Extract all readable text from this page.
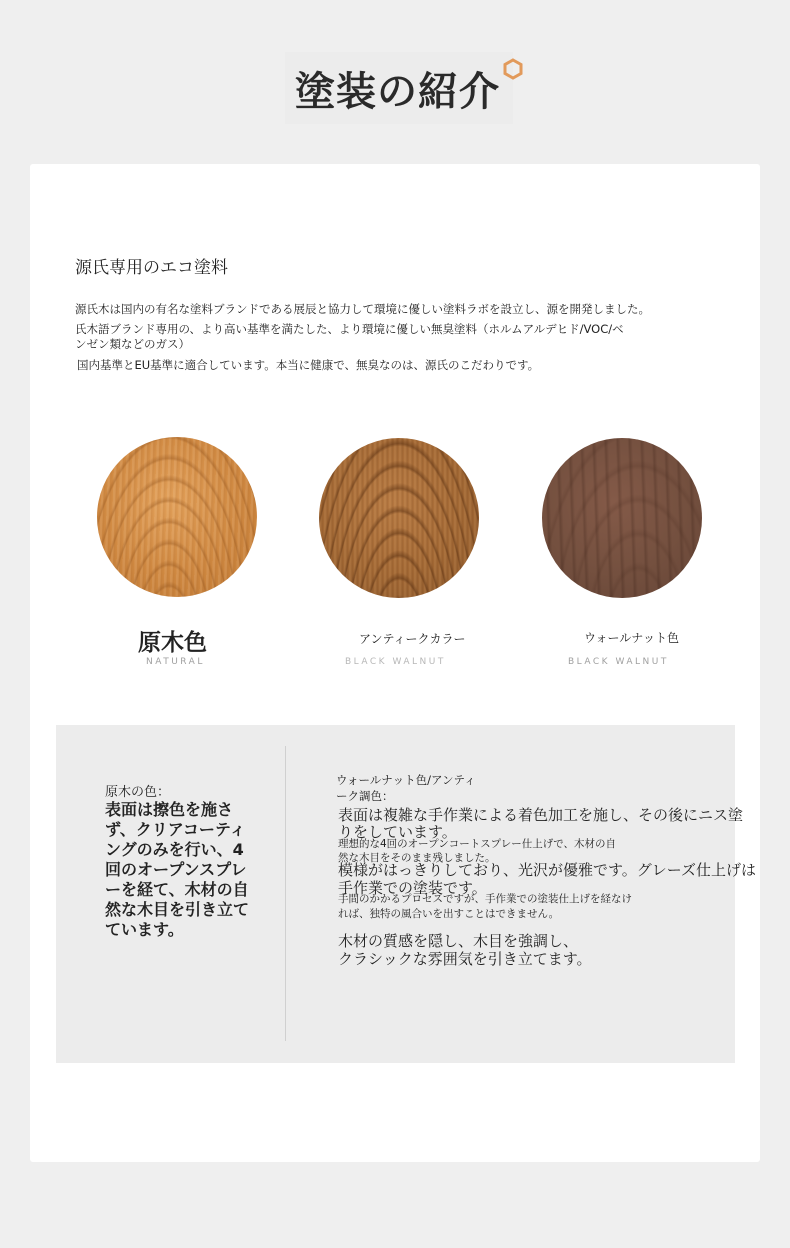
塗装の紹介
源氏専用のエコ塗料

源氏木は国内の有名な塗料ブランドである展辰と協力して環境に優しい塗料ラボを設立し、源を開発しました。

氏木語ブランド専用の、より高い基準を満たした、より環境に優しい無臭塗料（ホルムアルデヒド/VOC/ベ

ンゼン類などのガス）

国内基準とEU基準に適合しています。本当に健康で、無臭なのは、源氏のこだわりです。

原木色

NATURAL

アンティークカラー

BLACK WALNUT

ウォールナット色

BLACK WALNUT

原木の色：

表面は擦色を施さず、クリアコーティングのみを行い、4回のオープンスプレーを経て、木材の自然な木目を引き立てています。

ウォールナット色/アンティーク調色：

表面は複雑な手作業による着色加工を施し、その後にニス塗

りをしています。

理想的な4回のオープンコートスプレー仕上げで、木材の自

然な木目をそのまま残しました。

模様がはっきりしており、光沢が優雅です。グレーズ仕上げは

手作業での塗装です。

手間のかかるプロセスですが、手作業での塗装仕上げを経なけ

れば、独特の風合いを出すことはできません。

木材の質感を隠し、木目を強調し、

クラシックな雰囲気を引き立てます。
